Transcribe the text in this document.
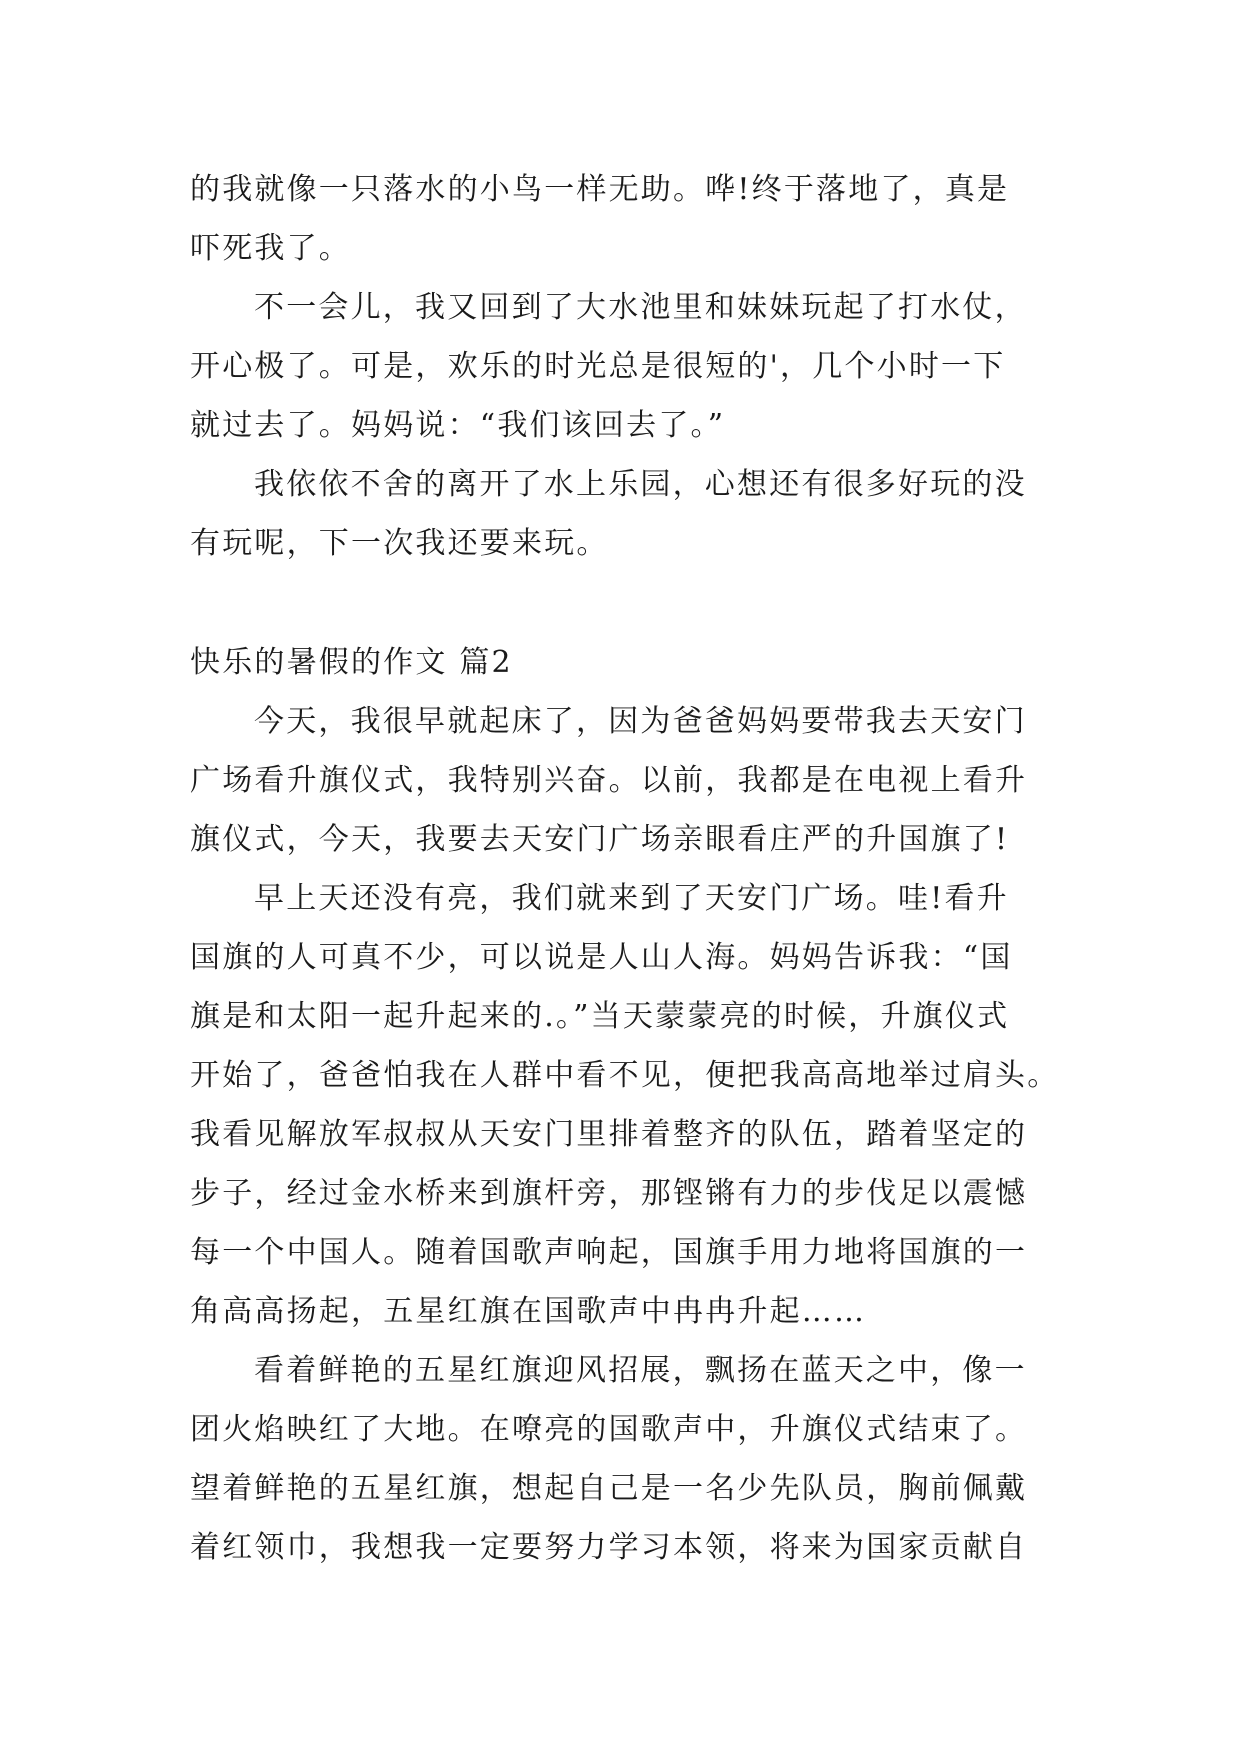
的我就像一只落水的小鸟一样无助。哗!终于落地了，真是
吓死我了。
不一会儿，我又回到了大水池里和妹妹玩起了打水仗，
开心极了。可是，欢乐的时光总是很短的'，几个小时一下
就过去了。妈妈说：“我们该回去了。”
我依依不舍的离开了水上乐园，心想还有很多好玩的没
有玩呢，下一次我还要来玩。
快乐的暑假的作文 篇2
今天，我很早就起床了，因为爸爸妈妈要带我去天安门
广场看升旗仪式，我特别兴奋。以前，我都是在电视上看升
旗仪式，今天，我要去天安门广场亲眼看庄严的升国旗了!
早上天还没有亮，我们就来到了天安门广场。哇!看升
国旗的人可真不少，可以说是人山人海。妈妈告诉我：“国
旗是和太阳一起升起来的.。”当天蒙蒙亮的时候，升旗仪式
开始了，爸爸怕我在人群中看不见，便把我高高地举过肩头。
我看见解放军叔叔从天安门里排着整齐的队伍，踏着坚定的
步子，经过金水桥来到旗杆旁，那铿锵有力的步伐足以震憾
每一个中国人。随着国歌声响起，国旗手用力地将国旗的一
角高高扬起，五星红旗在国歌声中冉冉升起……
看着鲜艳的五星红旗迎风招展，飘扬在蓝天之中，像一
团火焰映红了大地。在嘹亮的国歌声中，升旗仪式结束了。
望着鲜艳的五星红旗，想起自己是一名少先队员，胸前佩戴
着红领巾，我想我一定要努力学习本领，将来为国家贡献自
